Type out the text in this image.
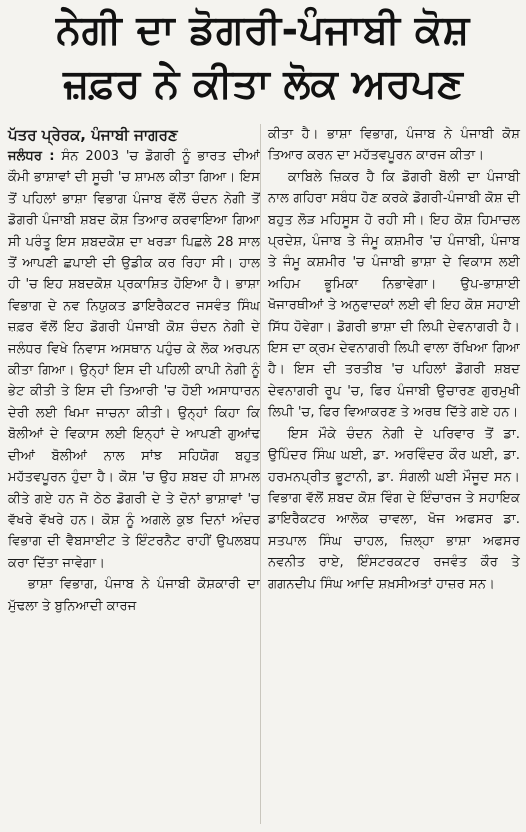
ਨੇਗੀ ਦਾ ਡੋਗਰੀ-ਪੰਜਾਬੀ ਕੋਸ਼
ਜ਼ਫ਼ਰ ਨੇ ਕੀਤਾ ਲੋਕ ਅਰਪਣ
ਪੱਤਰ ਪ੍ਰੇਰਕ, ਪੰਜਾਬੀ ਜਾਗਰਣ

ਜਲੰਧਰ : ਸੰਨ 2003 'ਚ ਡੋਗਰੀ ਨੂੰ ਭਾਰਤ ਦੀਆਂ ਕੌਮੀ ਭਾਸ਼ਾਵਾਂ ਦੀ ਸੂਚੀ 'ਚ ਸ਼ਾਮਲ ਕੀਤਾ ਗਿਆ। ਇਸ ਤੋਂ ਪਹਿਲਾਂ ਭਾਸ਼ਾ ਵਿਭਾਗ ਪੰਜਾਬ ਵੱਲੋਂ ਚੰਦਨ ਨੇਗੀ ਤੋਂ ਡੋਗਰੀ ਪੰਜਾਬੀ ਸ਼ਬਦ ਕੋਸ਼ ਤਿਆਰ ਕਰਵਾਇਆ ਗਿਆ ਸੀ ਪਰੰਤੂ ਇਸ ਸ਼ਬਦਕੋਸ਼ ਦਾ ਖਰੜਾ ਪਿਛਲੇ 28 ਸਾਲ ਤੋਂ ਆਪਣੀ ਛਪਾਈ ਦੀ ਉਡੀਕ ਕਰ ਰਿਹਾ ਸੀ। ਹਾਲ ਹੀ 'ਚ ਇਹ ਸ਼ਬਦਕੋਸ਼ ਪ੍ਰਕਾਸ਼ਿਤ ਹੋਇਆ ਹੈ। ਭਾਸ਼ਾ ਵਿਭਾਗ ਦੇ ਨਵ ਨਿਯੁਕਤ ਡਾਇਰੈਕਟਰ ਜਸਵੰਤ ਸਿੰਘ ਜ਼ਫ਼ਰ ਵੱਲੋਂ ਇਹ ਡੋਗਰੀ ਪੰਜਾਬੀ ਕੋਸ਼ ਚੰਦਨ ਨੇਗੀ ਦੇ ਜਲੰਧਰ ਵਿਖੇ ਨਿਵਾਸ ਅਸਥਾਨ ਪਹੁੰਚ ਕੇ ਲੋਕ ਅਰਪਨ ਕੀਤਾ ਗਿਆ। ਉਨ੍ਹਾਂ ਇਸ ਦੀ ਪਹਿਲੀ ਕਾਪੀ ਨੇਗੀ ਨੂੰ ਭੇਟ ਕੀਤੀ ਤੇ ਇਸ ਦੀ ਤਿਆਰੀ 'ਚ ਹੋਈ ਅਸਾਧਾਰਨ ਦੇਰੀ ਲਈ ਖਿਮਾ ਜਾਚਨਾ ਕੀਤੀ। ਉਨ੍ਹਾਂ ਕਿਹਾ ਕਿ ਬੋਲੀਆਂ ਦੇ ਵਿਕਾਸ ਲਈ ਇਨ੍ਹਾਂ ਦੇ ਆਪਣੀ ਗੁਆਂਢ ਦੀਆਂ ਬੋਲੀਆਂ ਨਾਲ ਸਾਂਝ ਸਹਿਯੋਗ ਬਹੁਤ ਮਹੱਤਵਪੂਰਨ ਹੁੰਦਾ ਹੈ। ਕੋਸ਼ 'ਚ ਉਹ ਸ਼ਬਦ ਹੀ ਸ਼ਾਮਲ ਕੀਤੇ ਗਏ ਹਨ ਜੋ ਠੇਠ ਡੋਗਰੀ ਦੇ ਤੇ ਦੋਨਾਂ ਭਾਸ਼ਾਵਾਂ 'ਚ ਵੱਖਰੇ ਵੱਖਰੇ ਹਨ। ਕੋਸ਼ ਨੂੰ ਅਗਲੇ ਕੁਝ ਦਿਨਾਂ ਅੰਦਰ ਵਿਭਾਗ ਦੀ ਵੈਬਸਾਈਟ ਤੇ ਇੰਟਰਨੈਟ ਰਾਹੀਂ ਉਪਲਬਧ ਕਰਾ ਦਿੱਤਾ ਜਾਵੇਗਾ।

ਭਾਸ਼ਾ ਵਿਭਾਗ, ਪੰਜਾਬ ਨੇ ਪੰਜਾਬੀ ਕੋਸ਼ਕਾਰੀ ਦਾ ਮੁੱਢਲਾ ਤੇ ਬੁਨਿਆਦੀ ਕਾਰਜ

ਕੀਤਾ ਹੈ। ਭਾਸ਼ਾ ਵਿਭਾਗ, ਪੰਜਾਬ ਨੇ ਪੰਜਾਬੀ ਕੋਸ਼ ਤਿਆਰ ਕਰਨ ਦਾ ਮਹੱਤਵਪੂਰਨ ਕਾਰਜ ਕੀਤਾ।

ਕਾਬਿਲੇ ਜ਼ਿਕਰ ਹੈ ਕਿ ਡੋਗਰੀ ਬੋਲੀ ਦਾ ਪੰਜਾਬੀ ਨਾਲ ਗਹਿਰਾ ਸਬੰਧ ਹੋਣ ਕਰਕੇ ਡੋਗਰੀ-ਪੰਜਾਬੀ ਕੋਸ਼ ਦੀ ਬਹੁਤ ਲੋੜ ਮਹਿਸੂਸ ਹੋ ਰਹੀ ਸੀ। ਇਹ ਕੋਸ਼ ਹਿਮਾਚਲ ਪ੍ਰਦੇਸ਼, ਪੰਜਾਬ ਤੇ ਜੰਮੂ ਕਸ਼ਮੀਰ 'ਚ ਪੰਜਾਬੀ, ਪੰਜਾਬ ਤੇ ਜੰਮੂ ਕਸ਼ਮੀਰ 'ਚ ਪੰਜਾਬੀ ਭਾਸ਼ਾ ਦੇ ਵਿਕਾਸ ਲਈ ਅਹਿਮ ਭੂਮਿਕਾ ਨਿਭਾਵੇਗਾ। ਉਪ-ਭਾਸ਼ਾਈ ਖੋਜਾਰਥੀਆਂ ਤੇ ਅਨੁਵਾਦਕਾਂ ਲਈ ਵੀ ਇਹ ਕੋਸ਼ ਸਹਾਈ ਸਿੱਧ ਹੋਵੇਗਾ। ਡੋਗਰੀ ਭਾਸ਼ਾ ਦੀ ਲਿਪੀ ਦੇਵਨਾਗਰੀ ਹੈ। ਇਸ ਦਾ ਕ੍ਰਮ ਦੇਵਨਾਗਰੀ ਲਿਪੀ ਵਾਲਾ ਰੱਖਿਆ ਗਿਆ ਹੈ। ਇਸ ਦੀ ਤਰਤੀਬ 'ਚ ਪਹਿਲਾਂ ਡੋਗਰੀ ਸ਼ਬਦ ਦੇਵਨਾਗਰੀ ਰੂਪ 'ਚ, ਫਿਰ ਪੰਜਾਬੀ ਉਚਾਰਣ ਗੁਰਮੁਖੀ ਲਿਪੀ 'ਚ, ਫਿਰ ਵਿਆਕਰਣ ਤੇ ਅਰਥ ਦਿੱਤੇ ਗਏ ਹਨ।

ਇਸ ਮੌਕੇ ਚੰਦਨ ਨੇਗੀ ਦੇ ਪਰਿਵਾਰ ਤੋਂ ਡਾ. ਉਪਿੰਦਰ ਸਿੰਘ ਘਈ, ਡਾ. ਅਰਵਿੰਦਰ ਕੌਰ ਘਈ, ਡਾ. ਹਰਮਨਪ੍ਰੀਤ ਭੂਟਾਨੀ, ਡਾ. ਸੰਗਲੀ ਘਈ ਮੌਜੂਦ ਸਨ। ਵਿਭਾਗ ਵੱਲੋਂ ਸ਼ਬਦ ਕੋਸ਼ ਵਿੰਗ ਦੇ ਇੰਚਾਰਜ ਤੇ ਸਹਾਇਕ ਡਾਇਰੈਕਟਰ ਆਲੋਕ ਚਾਵਲਾ, ਖੋਜ ਅਫਸਰ ਡਾ. ਸਤਪਾਲ ਸਿੰਘ ਚਾਹਲ, ਜ਼ਿਲ੍ਹਾ ਭਾਸ਼ਾ ਅਫਸਰ ਨਵਨੀਤ ਰਾਏ, ਇੰਸਟਰਕਟਰ ਰਜਵੰਤ ਕੌਰ ਤੇ ਗਗਨਦੀਪ ਸਿੰਘ ਆਦਿ ਸ਼ਖ਼ਸੀਅਤਾਂ ਹਾਜ਼ਰ ਸਨ।
